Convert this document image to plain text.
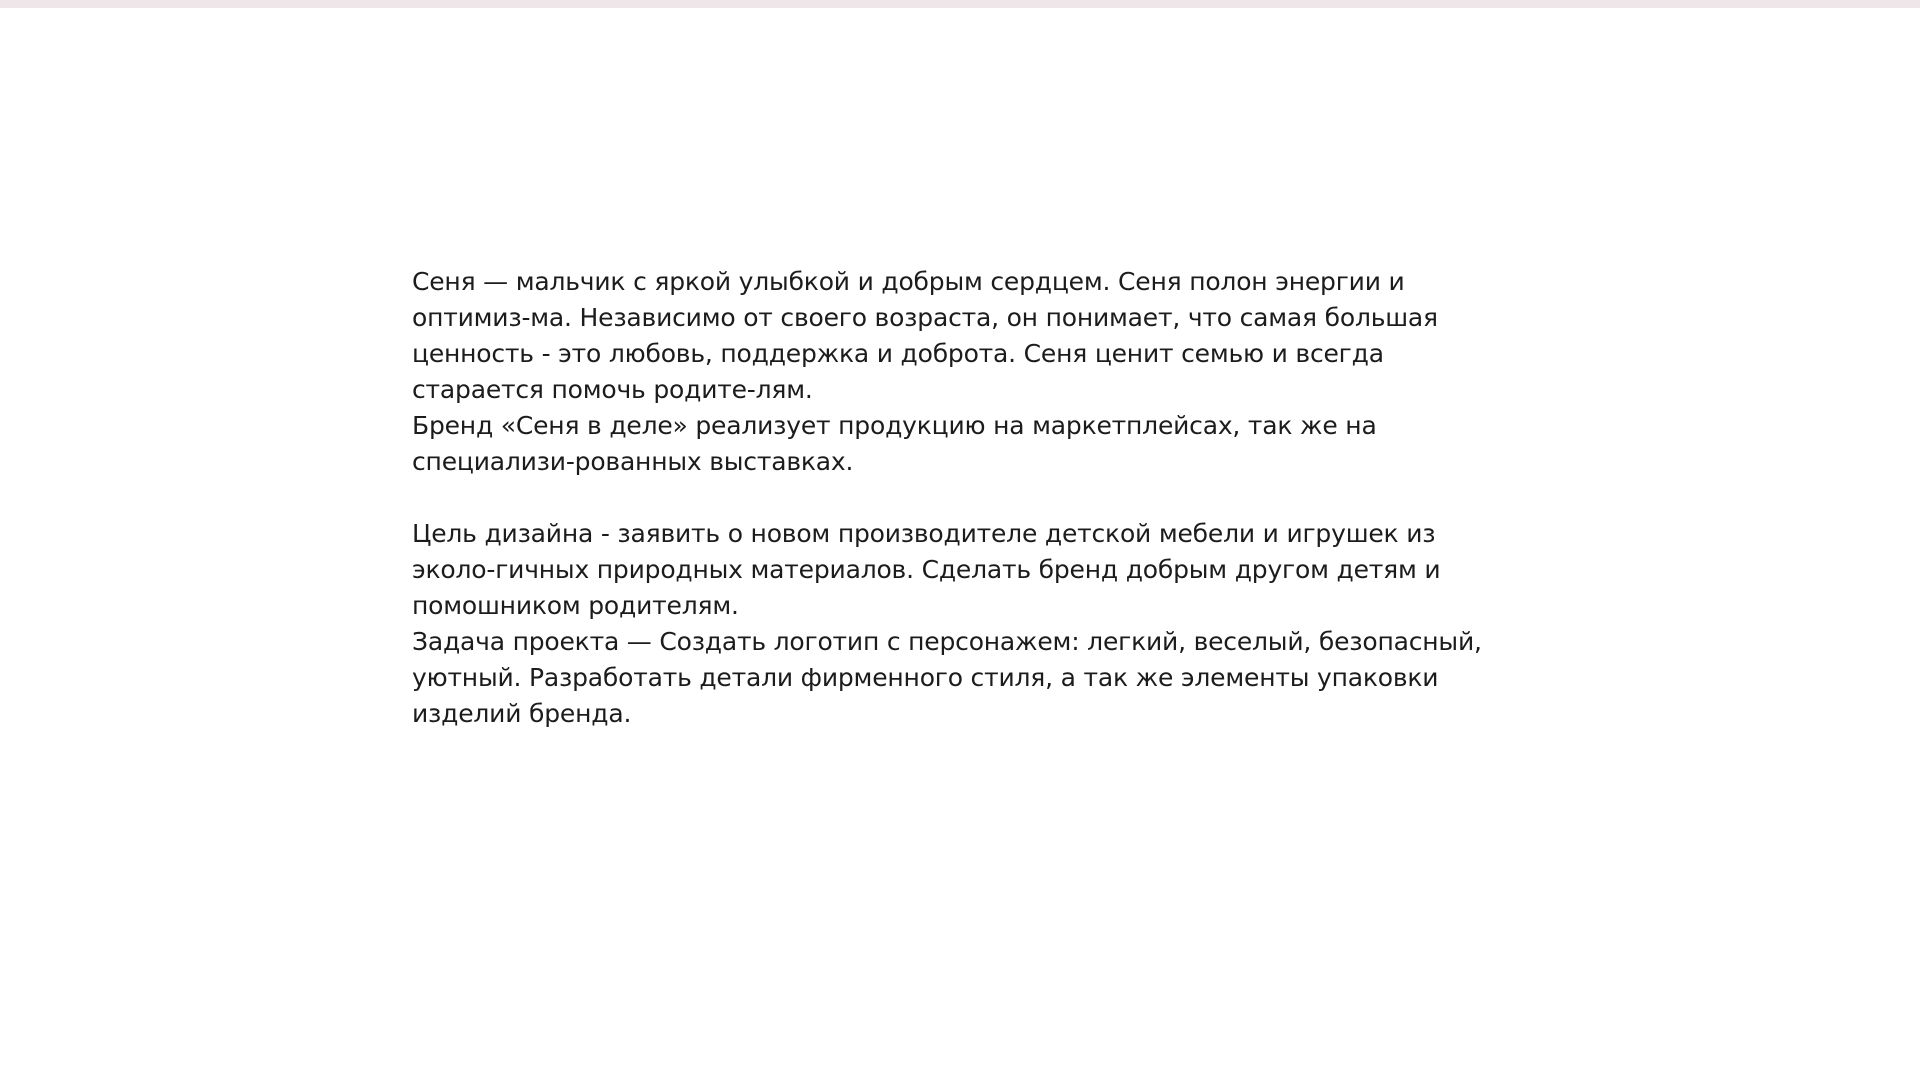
Сеня — мальчик с яркой улыбкой и добрым сердцем. Сеня полон энергии и оптимиз-ма. Независимо от своего возраста, он понимает, что самая большая ценность - это любовь, поддержка и доброта. Сеня ценит семью и всегда старается помочь родите-лям.

Бренд «Сеня в деле» реализует продукцию на маркетплейсах, так же на специализи-рованных выставках.

Цель дизайна - заявить о новом производителе детской мебели и игрушек из эколо-гичных природных материалов. Сделать бренд добрым другом детям и помошником родителям.

Задача проекта — Создать логотип с персонажем: легкий, веселый, безопасный, уютный. Разработать детали фирменного стиля, а так же элементы упаковки изделий бренда.
